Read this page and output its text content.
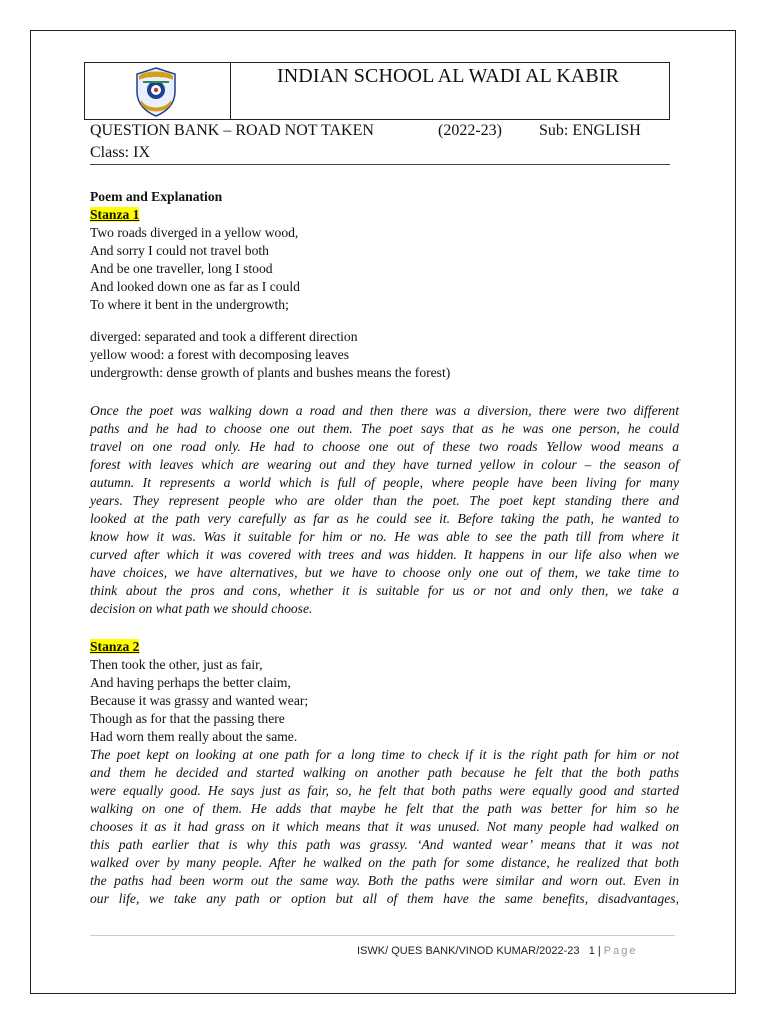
INDIAN SCHOOL AL WADI AL KABIR

QUESTION BANK – ROAD NOT TAKEN

	(2022-23)

Sub: ENGLISH

Class: IX
Poem and Explanation
Stanza 1
Two roads diverged in a yellow wood,
And sorry I could not travel both
And be one traveller, long I stood
And looked down one as far as I could
To where it bent in the undergrowth;
diverged: separated and took a different direction
yellow wood: a forest with decomposing leaves
undergrowth: dense growth of plants and bushes means the forest)
Once the poet was walking down a road and then there was a diversion, there were two different
paths and he had to choose one out them. The poet says that as he was one person, he could
travel on one road only. He had to choose one out of these two roads Yellow wood means a
forest with leaves which are wearing out and they have turned yellow in colour – the season of
autumn. It represents a world which is full of people, where people have been living for many
years. They represent people who are older than the poet. The poet kept standing there and
looked at the path very carefully as far as he could see it. Before taking the path, he wanted to
know how it was. Was it suitable for him or no. He was able to see the path till from where it
curved after which it was covered with trees and was hidden. It happens in our life also when we
have choices, we have alternatives, but we have to choose only one out of them, we take time to
think about the pros and cons, whether it is suitable for us or not and only then, we take a
decision on what path we should choose.
Stanza 2
Then took the other, just as fair,
And having perhaps the better claim,
Because it was grassy and wanted wear;
Though as for that the passing there
Had worn them really about the same.
The poet kept on looking at one path for a long time to check if it is the right path for him or not
and them he decided and started walking on another path because he felt that the both paths
were equally good. He says just as fair, so, he felt that both paths were equally good and started
walking on one of them. He adds that maybe he felt that the path was better for him so he
chooses it as it had grass on it which means that it was unused. Not many people had walked on
this path earlier that is why this path was grassy. ‘And wanted wear’ means that it was not
walked over by many people. After he walked on the path for some distance, he realized that both
the paths had been worm out the same way. Both the paths were similar and worn out. Even in
our life, we take any path or option but all of them have the same benefits, disadvantages,
ISWK/ QUES BANK/VINOD KUMAR/2022-23 1 | Page
